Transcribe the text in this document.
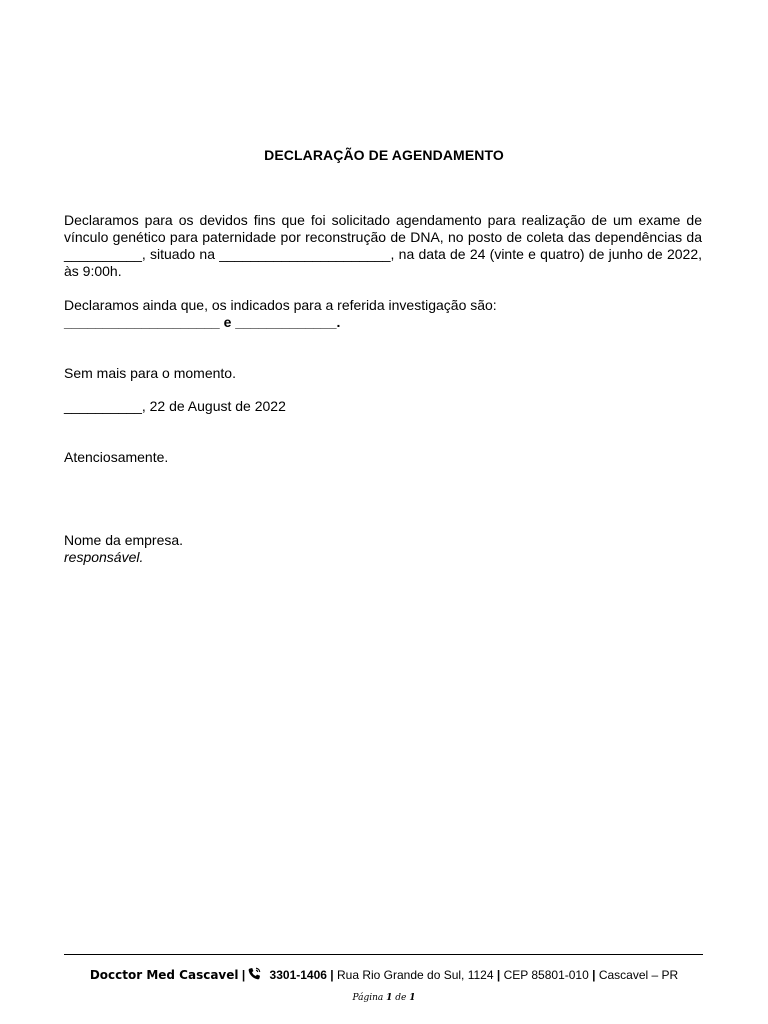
DECLARAÇÃO DE AGENDAMENTO
Declaramos para os devidos fins que foi solicitado agendamento para realização de um exame de vínculo genético para paternidade por reconstrução de DNA, no posto de coleta das dependências da __________, situado na ______________________, na data de 24 (vinte e quatro) de junho de 2022, às 9:00h.
Declaramos ainda que, os indicados para a referida investigação são:
____________________ e _____________.
Sem mais para o momento.
__________, 22 de August de 2022
Atenciosamente.
Nome da empresa.
responsável.
Docctor Med Cascavel | 3301-1406 | Rua Rio Grande do Sul, 1124 | CEP 85801-010 | Cascavel – PR
Página 1 de 1
